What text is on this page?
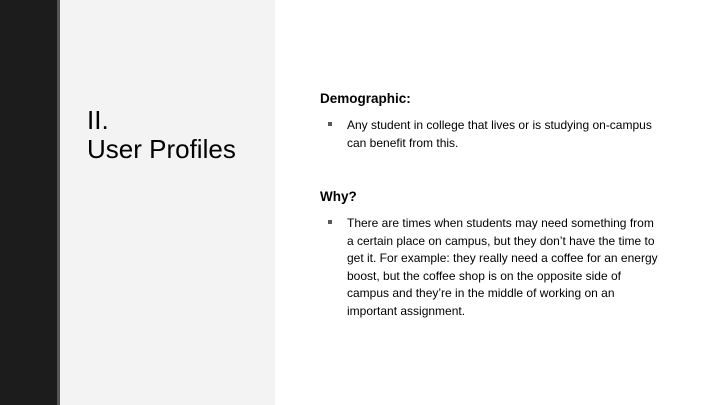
II.
User Profiles
Demographic:
Any student in college that lives or is studying on-campus can benefit from this.
Why?
There are times when students may need something from a certain place on campus, but they don’t have the time to get it. For example: they really need a coffee for an energy boost, but the coffee shop is on the opposite side of campus and they’re in the middle of working on an important assignment.
